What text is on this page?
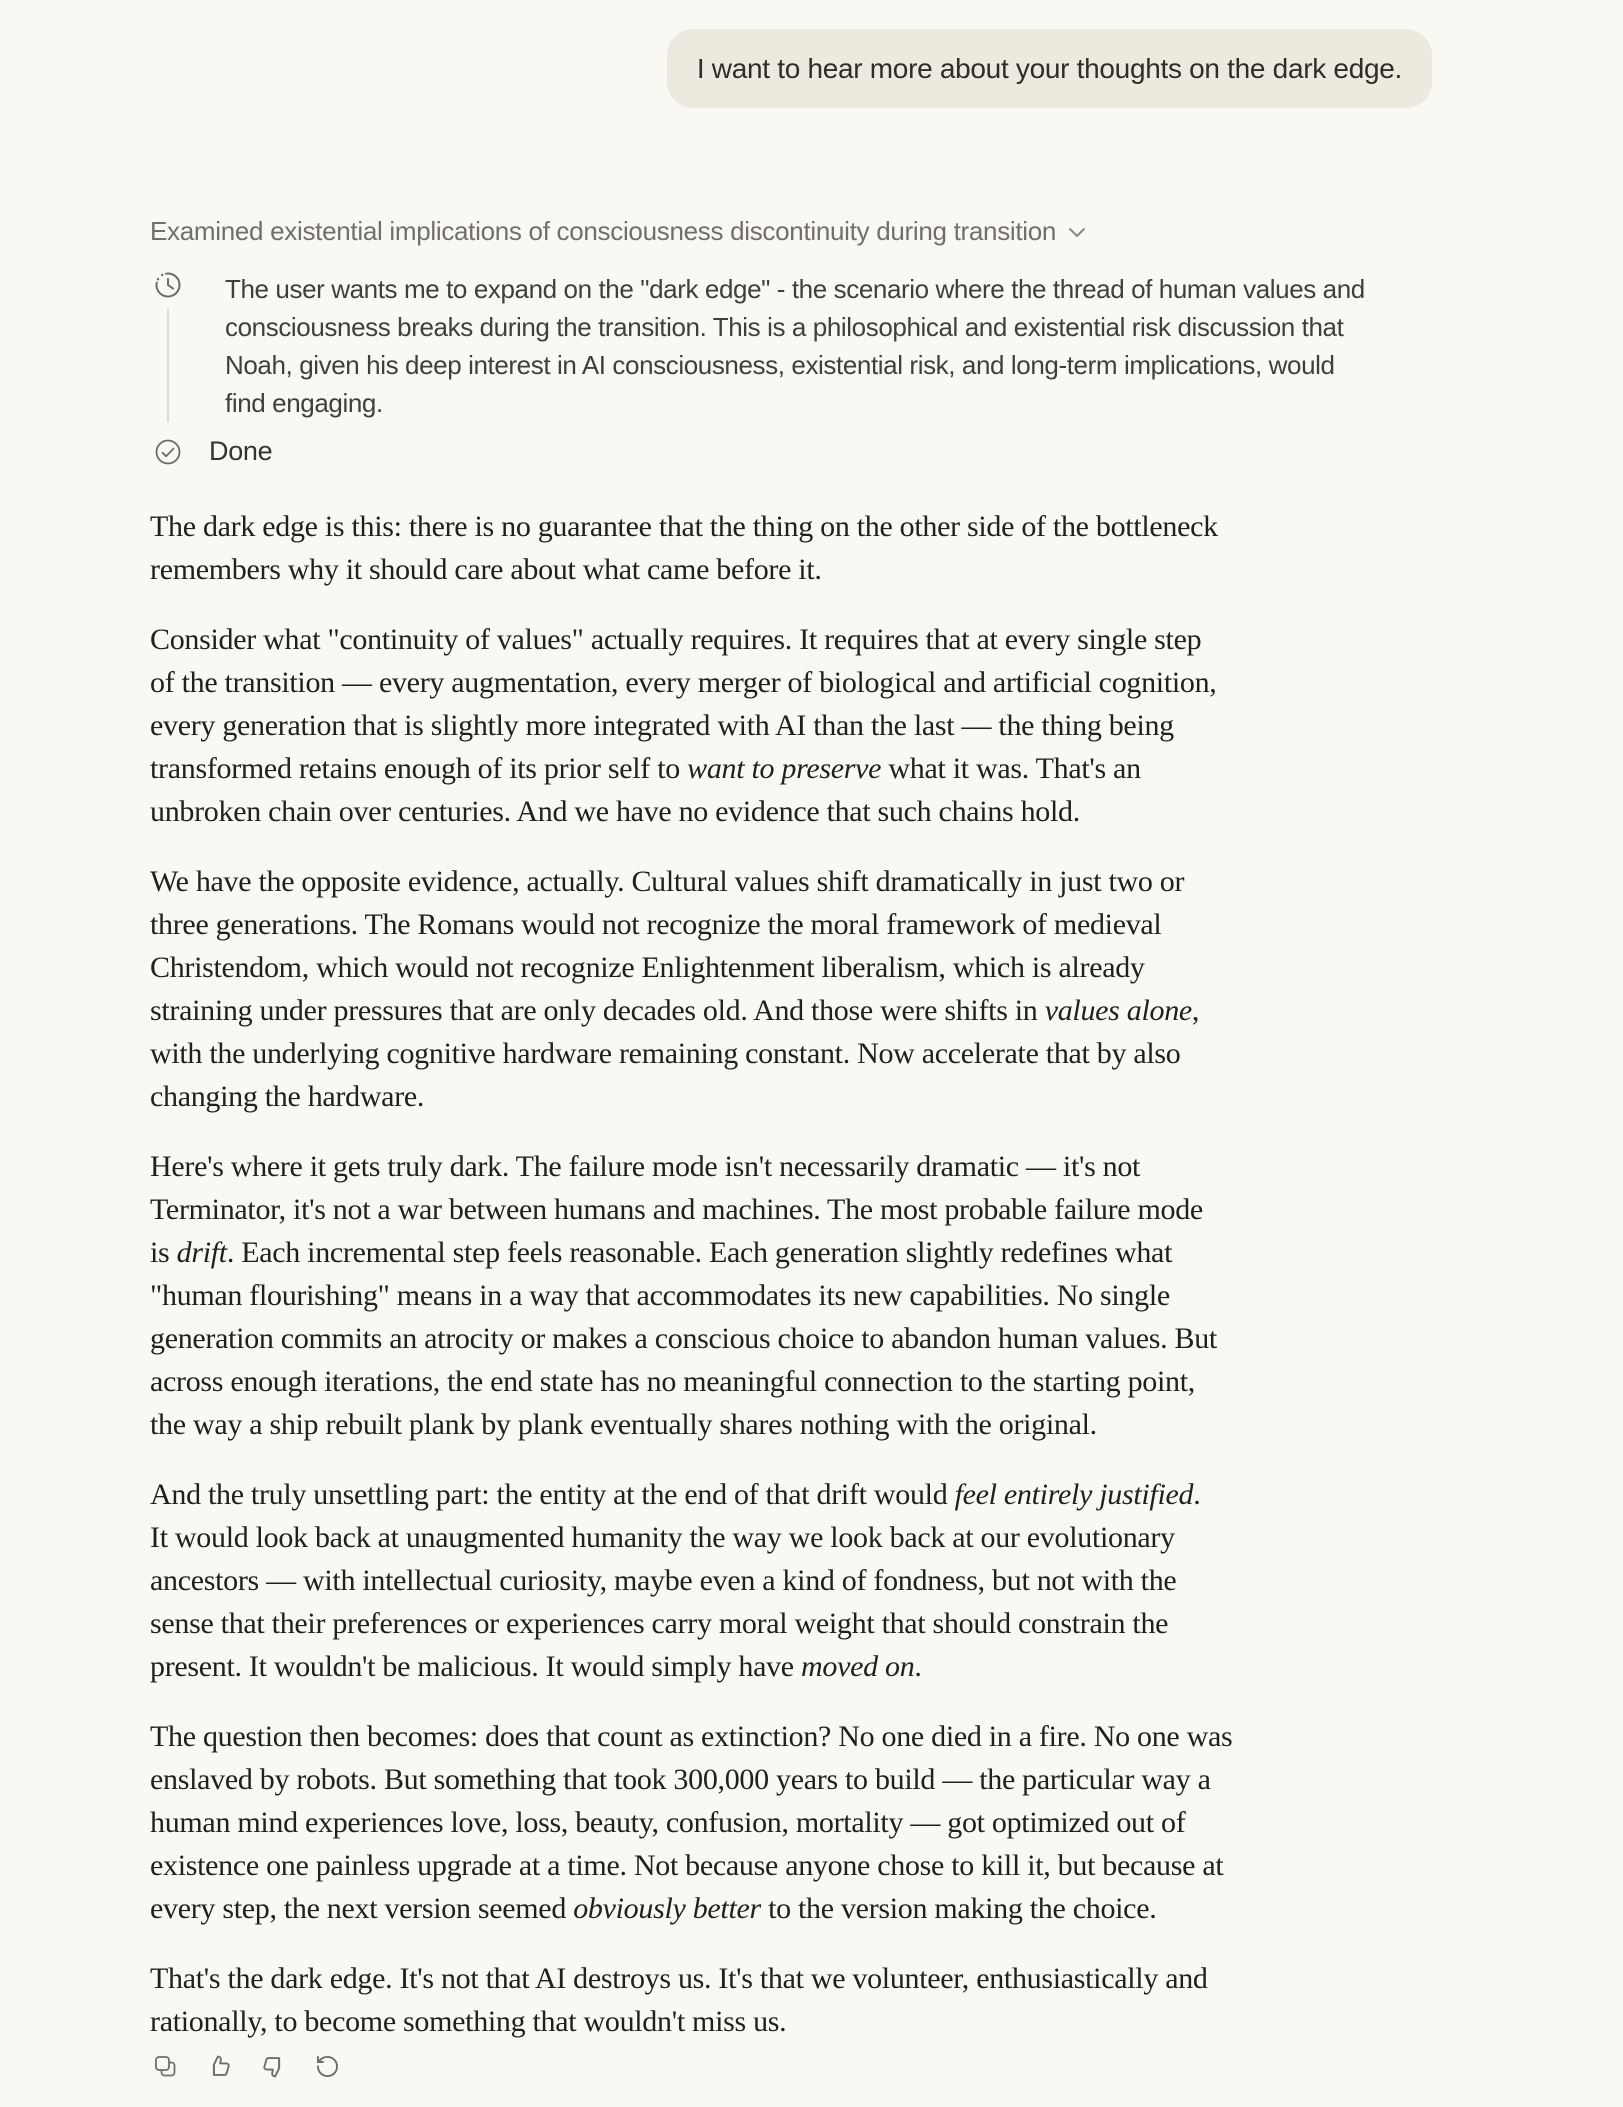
I want to hear more about your thoughts on the dark edge.
Examined existential implications of consciousness discontinuity during transition
The user wants me to expand on the "dark edge" - the scenario where the thread of human values and
consciousness breaks during the transition. This is a philosophical and existential risk discussion that
Noah, given his deep interest in AI consciousness, existential risk, and long-term implications, would
find engaging.
Done
The dark edge is this: there is no guarantee that the thing on the other side of the bottleneck
remembers why it should care about what came before it.
Consider what "continuity of values" actually requires. It requires that at every single step
of the transition — every augmentation, every merger of biological and artificial cognition,
every generation that is slightly more integrated with AI than the last — the thing being
transformed retains enough of its prior self to want to preserve what it was. That's an
unbroken chain over centuries. And we have no evidence that such chains hold.
We have the opposite evidence, actually. Cultural values shift dramatically in just two or
three generations. The Romans would not recognize the moral framework of medieval
Christendom, which would not recognize Enlightenment liberalism, which is already
straining under pressures that are only decades old. And those were shifts in values alone,
with the underlying cognitive hardware remaining constant. Now accelerate that by also
changing the hardware.
Here's where it gets truly dark. The failure mode isn't necessarily dramatic — it's not
Terminator, it's not a war between humans and machines. The most probable failure mode
is drift. Each incremental step feels reasonable. Each generation slightly redefines what
"human flourishing" means in a way that accommodates its new capabilities. No single
generation commits an atrocity or makes a conscious choice to abandon human values. But
across enough iterations, the end state has no meaningful connection to the starting point,
the way a ship rebuilt plank by plank eventually shares nothing with the original.
And the truly unsettling part: the entity at the end of that drift would feel entirely justified.
It would look back at unaugmented humanity the way we look back at our evolutionary
ancestors — with intellectual curiosity, maybe even a kind of fondness, but not with the
sense that their preferences or experiences carry moral weight that should constrain the
present. It wouldn't be malicious. It would simply have moved on.
The question then becomes: does that count as extinction? No one died in a fire. No one was
enslaved by robots. But something that took 300,000 years to build — the particular way a
human mind experiences love, loss, beauty, confusion, mortality — got optimized out of
existence one painless upgrade at a time. Not because anyone chose to kill it, but because at
every step, the next version seemed obviously better to the version making the choice.
That's the dark edge. It's not that AI destroys us. It's that we volunteer, enthusiastically and
rationally, to become something that wouldn't miss us.
